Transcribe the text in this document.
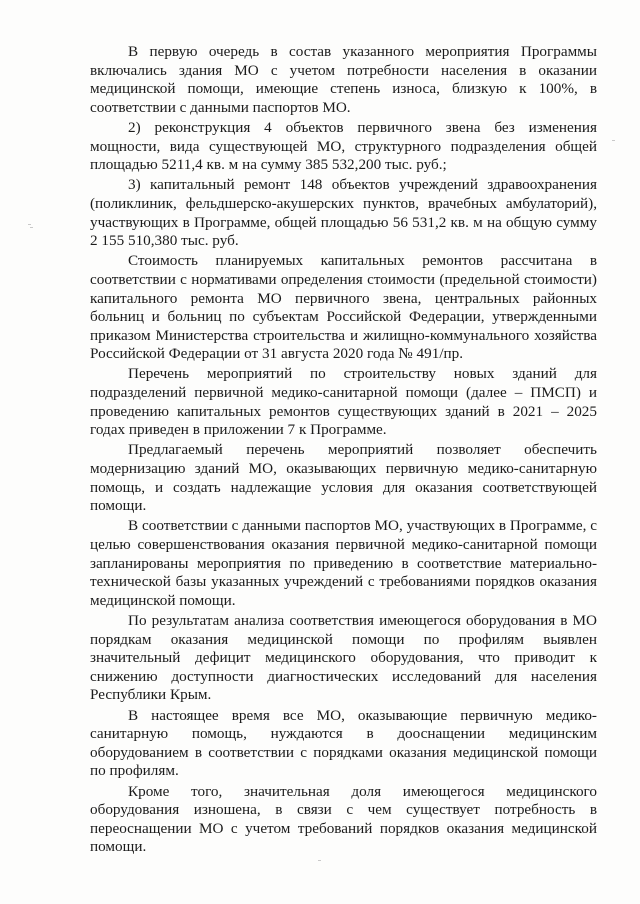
В первую очередь в состав указанного мероприятия Программы включались здания МО с учетом потребности населения в оказании медицинской помощи, имеющие степень износа, близкую к 100%, в соответствии с данными паспортов МО.

2) реконструкция 4 объектов первичного звена без изменения мощности, вида существующей МО, структурного подразделения общей площадью 5211,4 кв. м на сумму 385 532,200 тыс. руб.;

3) капитальный ремонт 148 объектов учреждений здравоохранения (поликлиник, фельдшерско-акушерских пунктов, врачебных амбулаторий), участвующих в Программе, общей площадью 56 531,2 кв. м на общую сумму 2 155 510,380 тыс. руб.

Стоимость планируемых капитальных ремонтов рассчитана в соответствии с нормативами определения стоимости (предельной стоимости) капитального ремонта МО первичного звена, центральных районных больниц и больниц по субъектам Российской Федерации, утвержденными приказом Министерства строительства и жилищно-коммунального хозяйства Российской Федерации от 31 августа 2020 года № 491/пр.

Перечень мероприятий по строительству новых зданий для подразделений первичной медико-санитарной помощи (далее – ПМСП) и проведению капитальных ремонтов существующих зданий в 2021 – 2025 годах приведен в приложении 7 к Программе.

Предлагаемый перечень мероприятий позволяет обеспечить модернизацию зданий МО, оказывающих первичную медико-санитарную помощь, и создать надлежащие условия для оказания соответствующей помощи.

В соответствии с данными паспортов МО, участвующих в Программе, с целью совершенствования оказания первичной медико-санитарной помощи запланированы мероприятия по приведению в соответствие материально-технической базы указанных учреждений с требованиями порядков оказания медицинской помощи.

По результатам анализа соответствия имеющегося оборудования в МО порядкам оказания медицинской помощи по профилям выявлен значительный дефицит медицинского оборудования, что приводит к снижению доступности диагностических исследований для населения Республики Крым.

В настоящее время все МО, оказывающие первичную медико-санитарную помощь, нуждаются в дооснащении медицинским оборудованием в соответствии с порядками оказания медицинской помощи по профилям.

Кроме того, значительная доля имеющегося медицинского оборудования изношена, в связи с чем существует потребность в переоснащении МО с учетом требований порядков оказания медицинской помощи.
